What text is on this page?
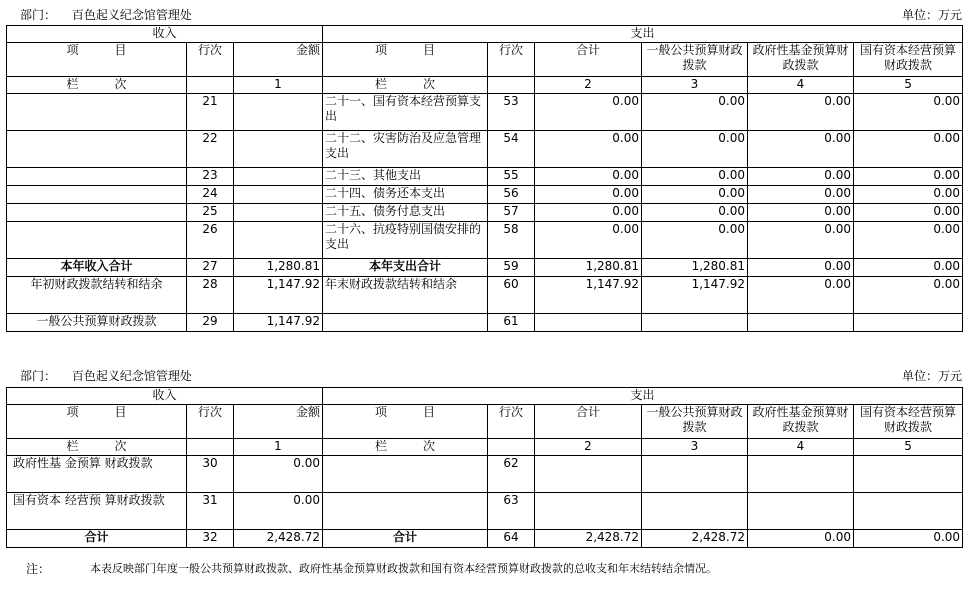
部门： 百色起义纪念馆管理处	单位：万元
收入			支出					
项　　　目	行次	金额	项　　　目	行次	合计	一般公共预算财政拨款	政府性基金预算财政拨款	国有资本经营预算财政拨款
栏　　　次		1	栏　　　次		2	3	4	5
	21		二十一、国有资本经营预算支出	53	0.00	0.00	0.00	0.00
	22		二十二、灾害防治及应急管理支出	54	0.00	0.00	0.00	0.00
	23		二十三、其他支出	55	0.00	0.00	0.00	0.00
	24		二十四、债务还本支出	56	0.00	0.00	0.00	0.00
	25		二十五、债务付息支出	57	0.00	0.00	0.00	0.00
	26		二十六、抗疫特别国债安排的支出	58	0.00	0.00	0.00	0.00
本年收入合计	27	1,280.81	本年支出合计	59	1,280.81	1,280.81	0.00	0.00
年初财政拨款结转和结余	28	1,147.92	年末财政拨款结转和结余	60	1,147.92	1,147.92	0.00	0.00
一般公共预算财政拨款	29	1,147.92		61				
部门： 百色起义纪念馆管理处	单位：万元
收入			支出					
项　　　目	行次	金额	项　　　目	行次	合计	一般公共预算财政拨款	政府性基金预算财政拨款	国有资本经营预算财政拨款
栏　　　次		1	栏　　　次		2	3	4	5
政府性基 金预算 财政拨款	30	0.00		62				
国有资本 经营预 算财政拨款	31	0.00		63				
合计	32	2,428.72	合计	64	2,428.72	2,428.72	0.00	0.00
注：	本表反映部门年度一般公共预算财政拨款、政府性基金预算财政拨款和国有资本经营预算财政拨款的总收支和年末结转结余情况。
